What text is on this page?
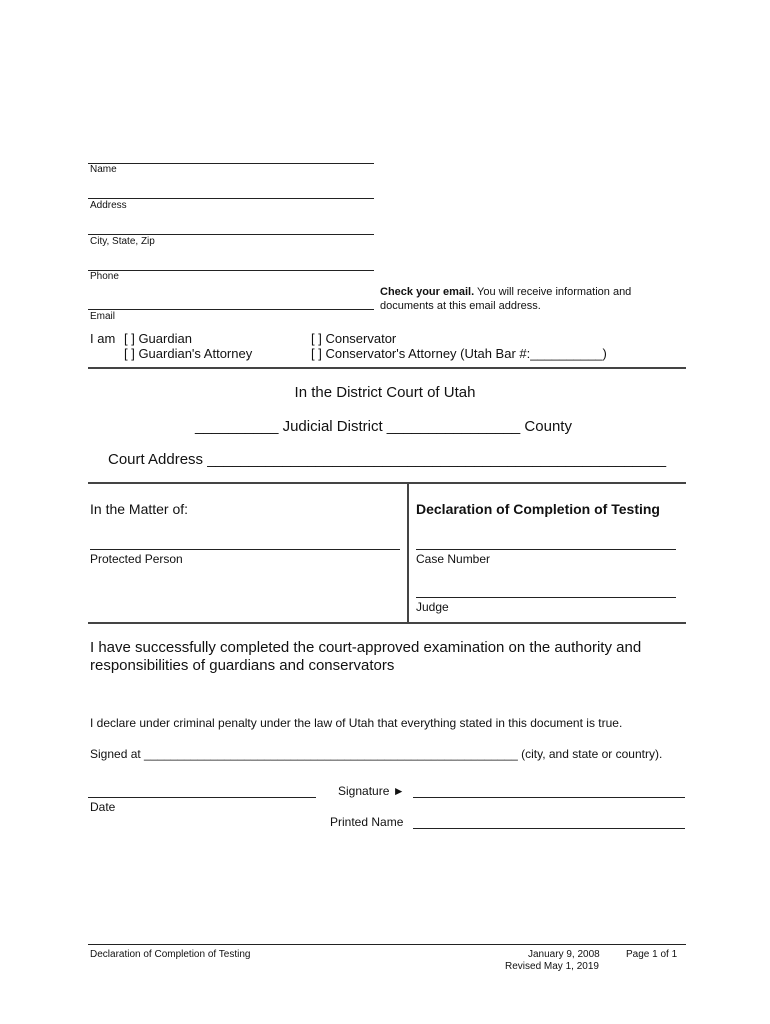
Name
Address
City, State, Zip
Phone
Check your email. You will receive information and
documents at this email address.
Email
I am [ ] Guardian
[ ] Guardian's Attorney
[ ] Conservator
[ ] Conservator's Attorney (Utah Bar #:__________)
In the District Court of Utah
__________ Judicial District ________________ County
Court Address _______________________________________________________
In the Matter of:
Protected Person
Declaration of Completion of Testing
Case Number
Judge
I have successfully completed the court-approved examination on the authority and responsibilities of guardians and conservators
I declare under criminal penalty under the law of Utah that everything stated in this document is true.
Signed at ________________________________________________________ (city, and state or country).
Date
Signature ►
Printed Name
Declaration of Completion of Testing	January 9, 2008
Revised May 1, 2019
Page 1 of 1
